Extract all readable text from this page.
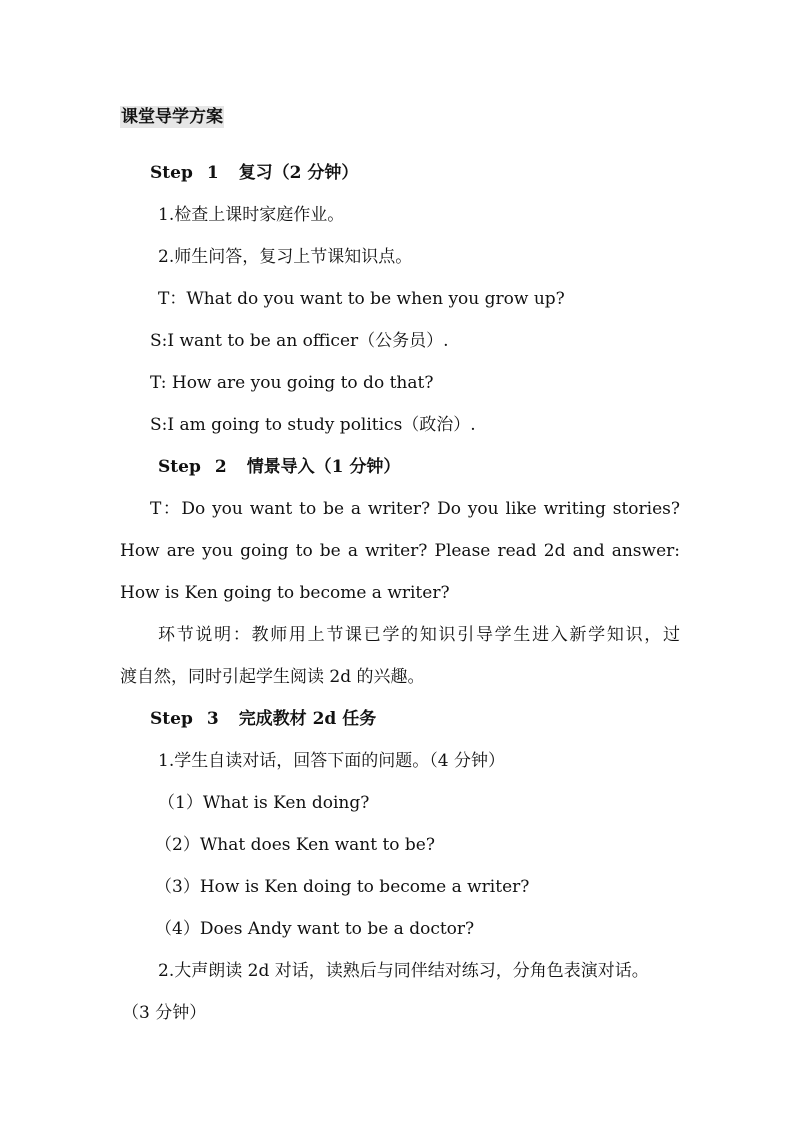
课堂导学方案
Step 1 复习（2 分钟）
1.检查上课时家庭作业。
2.师生问答，复习上节课知识点。
T：What do you want to be when you grow up?
S:I want to be an officer（公务员）.
T: How are you going to do that?
S:I am going to study politics（政治）.
Step 2 情景导入（1 分钟）
T：Do you want to be a writer? Do you like writing stories?
How are you going to be a writer? Please read 2d and answer:
How is Ken going to become a writer?
环节说明：教师用上节课已学的知识引导学生进入新学知识，过
渡自然，同时引起学生阅读 2d 的兴趣。
Step 3 完成教材 2d 任务
1.学生自读对话，回答下面的问题。（4 分钟）
（1）What is Ken doing?
（2）What does Ken want to be?
（3）How is Ken doing to become a writer?
（4）Does Andy want to be a doctor?
2.大声朗读 2d 对话，读熟后与同伴结对练习，分角色表演对话。
（3 分钟）
